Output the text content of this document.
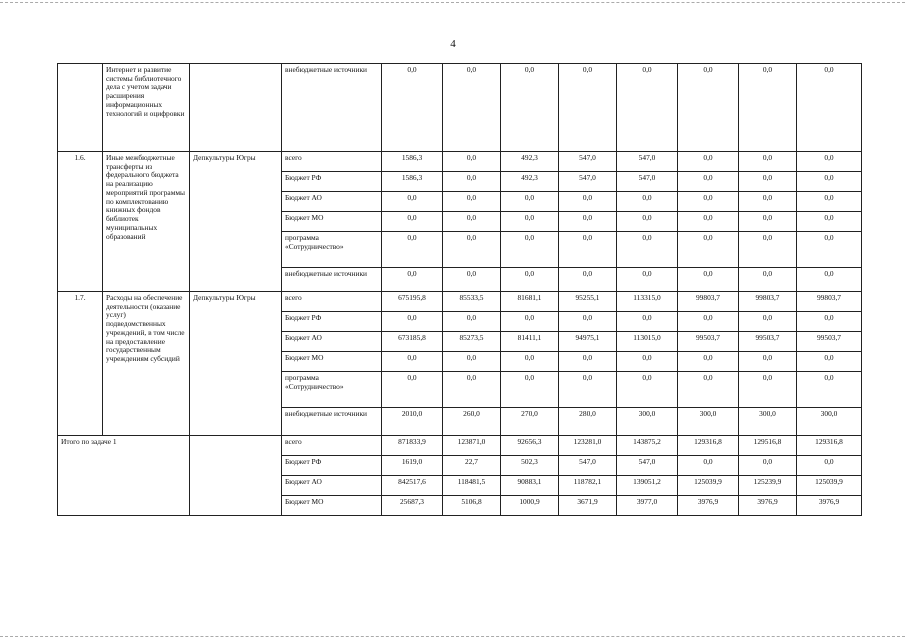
4
	Интернет и развитие системы библиотечного дела с учетом задачи расширения информационных технологий и оцифровки		внебюджетные источники	0,0	0,0	0,0	0,0	0,0	0,0	0,0	0,0
1.6.	Иные межбюджетные трансферты из федерального бюджета на реализацию мероприятий программы по комплектованию книжных фондов библиотек муниципальных образований	Депкультуры Югры	всего	1586,3	0,0	492,3	547,0	547,0	0,0	0,0	0,0
			Бюджет РФ	1586,3	0,0	492,3	547,0	547,0	0,0	0,0	0,0
			Бюджет АО	0,0	0,0	0,0	0,0	0,0	0,0	0,0	0,0
			Бюджет МО	0,0	0,0	0,0	0,0	0,0	0,0	0,0	0,0
			программа «Сотрудничество»	0,0	0,0	0,0	0,0	0,0	0,0	0,0	0,0
			внебюджетные источники	0,0	0,0	0,0	0,0	0,0	0,0	0,0	0,0
1.7.	Расходы на обеспечение деятельности (оказание услуг) подведомственных учреждений, в том числе на предоставление государственным учреждениям субсидий	Депкультуры Югры	всего	675195,8	85533,5	81681,1	95255,1	113315,0	99803,7	99803,7	99803,7
			Бюджет РФ	0,0	0,0	0,0	0,0	0,0	0,0	0,0	0,0
			Бюджет АО	673185,8	85273,5	81411,1	94975,1	113015,0	99503,7	99503,7	99503,7
			Бюджет МО	0,0	0,0	0,0	0,0	0,0	0,0	0,0	0,0
			программа «Сотрудничество»	0,0	0,0	0,0	0,0	0,0	0,0	0,0	0,0
			внебюджетные источники	2010,0	260,0	270,0	280,0	300,0	300,0	300,0	300,0
Итого по задаче 1			всего	871833,9	123871,0	92656,3	123281,0	143875,2	129316,8	129516,8	129316,8
			Бюджет РФ	1619,0	22,7	502,3	547,0	547,0	0,0	0,0	0,0
			Бюджет АО	842517,6	118481,5	90883,1	118782,1	139051,2	125039,9	125239,9	125039,9
			Бюджет МО	25687,3	5106,8	1000,9	3671,9	3977,0	3976,9	3976,9	3976,9
